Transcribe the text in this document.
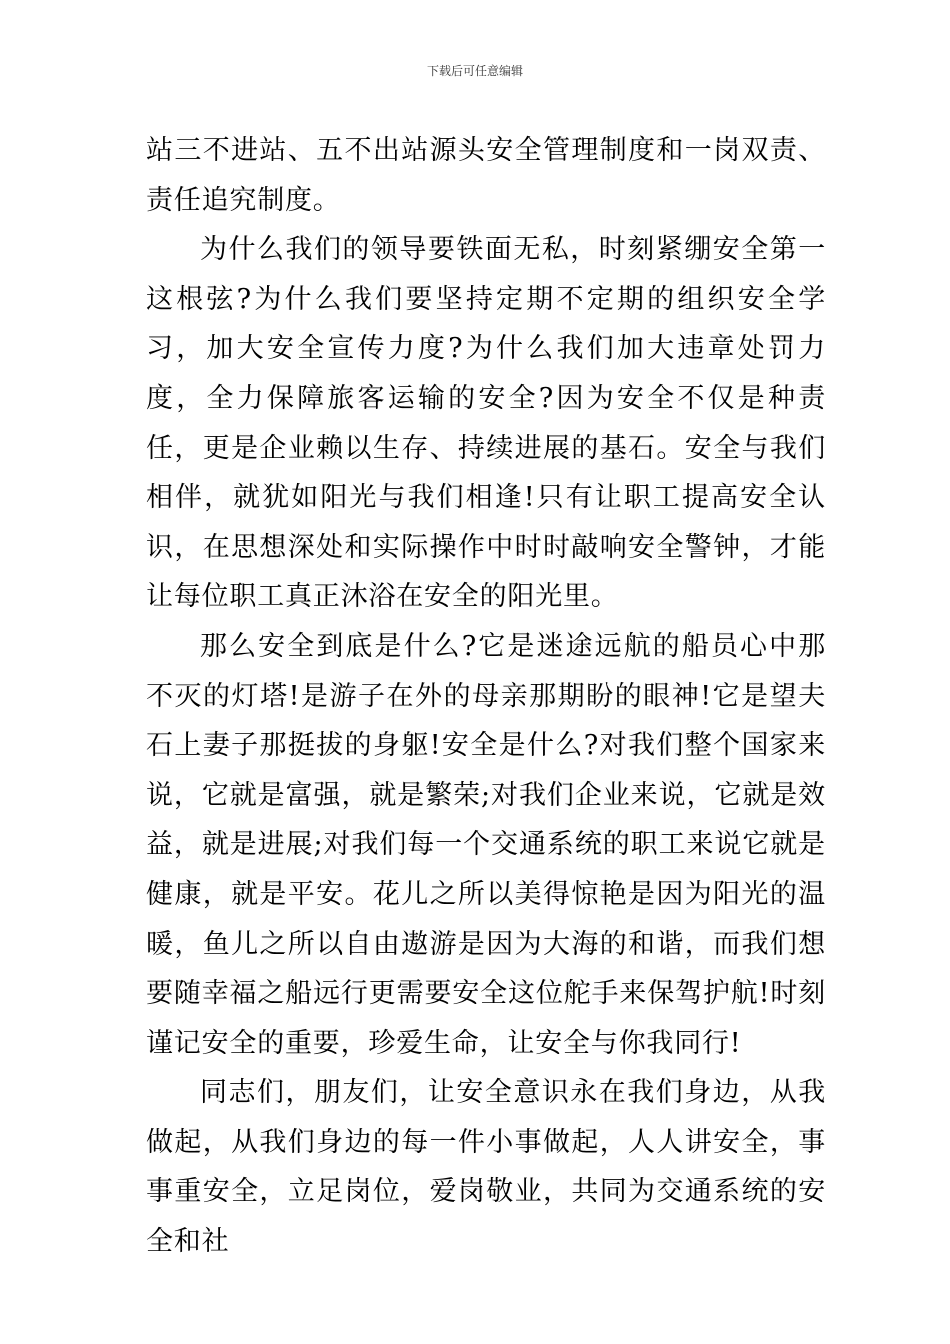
下载后可任意编辑

站三不进站、五不出站源头安全管理制度和一岗双责、责任追究制度。

为什么我们的领导要铁面无私，时刻紧绷安全第一这根弦?为什么我们要坚持定期不定期的组织安全学习，加大安全宣传力度?为什么我们加大违章处罚力度，全力保障旅客运输的安全?因为安全不仅是种责任，更是企业赖以生存、持续进展的基石。安全与我们相伴，就犹如阳光与我们相逢!只有让职工提高安全认识，在思想深处和实际操作中时时敲响安全警钟，才能让每位职工真正沐浴在安全的阳光里。

那么安全到底是什么?它是迷途远航的船员心中那不灭的灯塔!是游子在外的母亲那期盼的眼神!它是望夫石上妻子那挺拔的身躯!安全是什么?对我们整个国家来说，它就是富强，就是繁荣;对我们企业来说，它就是效益，就是进展;对我们每一个交通系统的职工来说它就是健康，就是平安。花儿之所以美得惊艳是因为阳光的温暖，鱼儿之所以自由遨游是因为大海的和谐，而我们想要随幸福之船远行更需要安全这位舵手来保驾护航!时刻谨记安全的重要，珍爱生命，让安全与你我同行!

同志们，朋友们，让安全意识永在我们身边，从我做起，从我们身边的每一件小事做起，人人讲安全，事事重安全，立足岗位，爱岗敬业，共同为交通系统的安全和社
